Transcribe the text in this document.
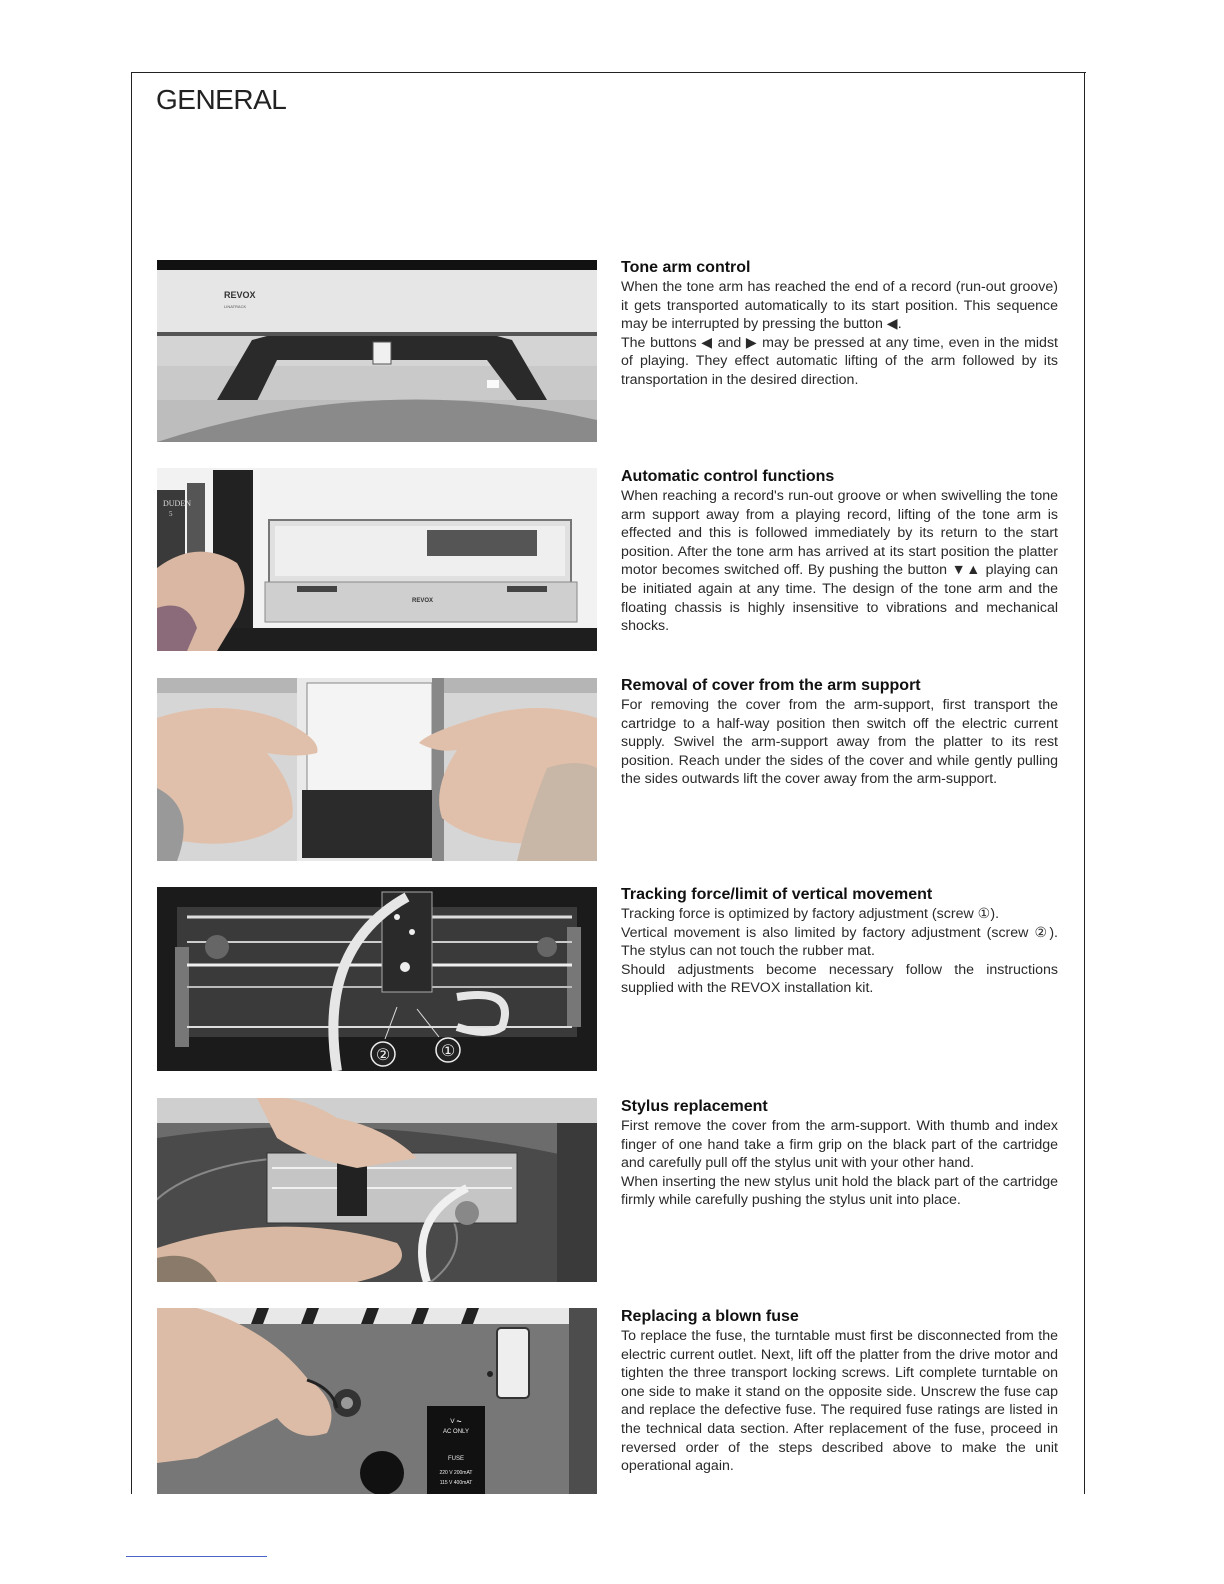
GENERAL
REVOX
LINATRACK
DUDEN
5
REVOX
②	①
V ⏦
AC ONLY
FUSE
220 V 200mAT
115 V 400mAT
Tone arm control

When the tone arm has reached the end of a record (run-out groove) it gets transported automatically to its start position. This sequence may be interrupted by pressing the button ◀.

The buttons ◀ and ▶ may be pressed at any time, even in the midst of playing. They effect automatic lifting of the arm followed by its transportation in the desired direction.

Automatic control functions

When reaching a record's run-out groove or when swivelling the tone arm support away from a playing record, lifting of the tone arm is effected and this is followed immediately by its return to the start position. After the tone arm has arrived at its start position the platter motor becomes switched off. By pushing the button ▼▲ playing can be initiated again at any time. The design of the tone arm and the floating chassis is highly insensitive to vibrations and mechanical shocks.

Removal of cover from the arm support

For removing the cover from the arm-support, first transport the cartridge to a half-way position then switch off the electric current supply. Swivel the arm-support away from the platter to its rest position. Reach under the sides of the cover and while gently pulling the sides outwards lift the cover away from the arm-support.

Tracking force/limit of vertical movement

Tracking force is optimized by factory adjustment (screw ①).

Vertical movement is also limited by factory adjustment (screw ②). The stylus can not touch the rubber mat.

Should adjustments become necessary follow the instructions supplied with the REVOX installation kit.

Stylus replacement

First remove the cover from the arm-support. With thumb and index finger of one hand take a firm grip on the black part of the cartridge and carefully pull off the stylus unit with your other hand.

When inserting the new stylus unit hold the black part of the cartridge firmly while carefully pushing the stylus unit into place.

Replacing a blown fuse

To replace the fuse, the turntable must first be disconnected from the electric current outlet. Next, lift off the platter from the drive motor and tighten the three transport locking screws. Lift complete turntable on one side to make it stand on the opposite side. Unscrew the fuse cap and replace the defective fuse. The required fuse ratings are listed in the technical data section. After replacement of the fuse, proceed in reversed order of the steps described above to make the unit operational again.
